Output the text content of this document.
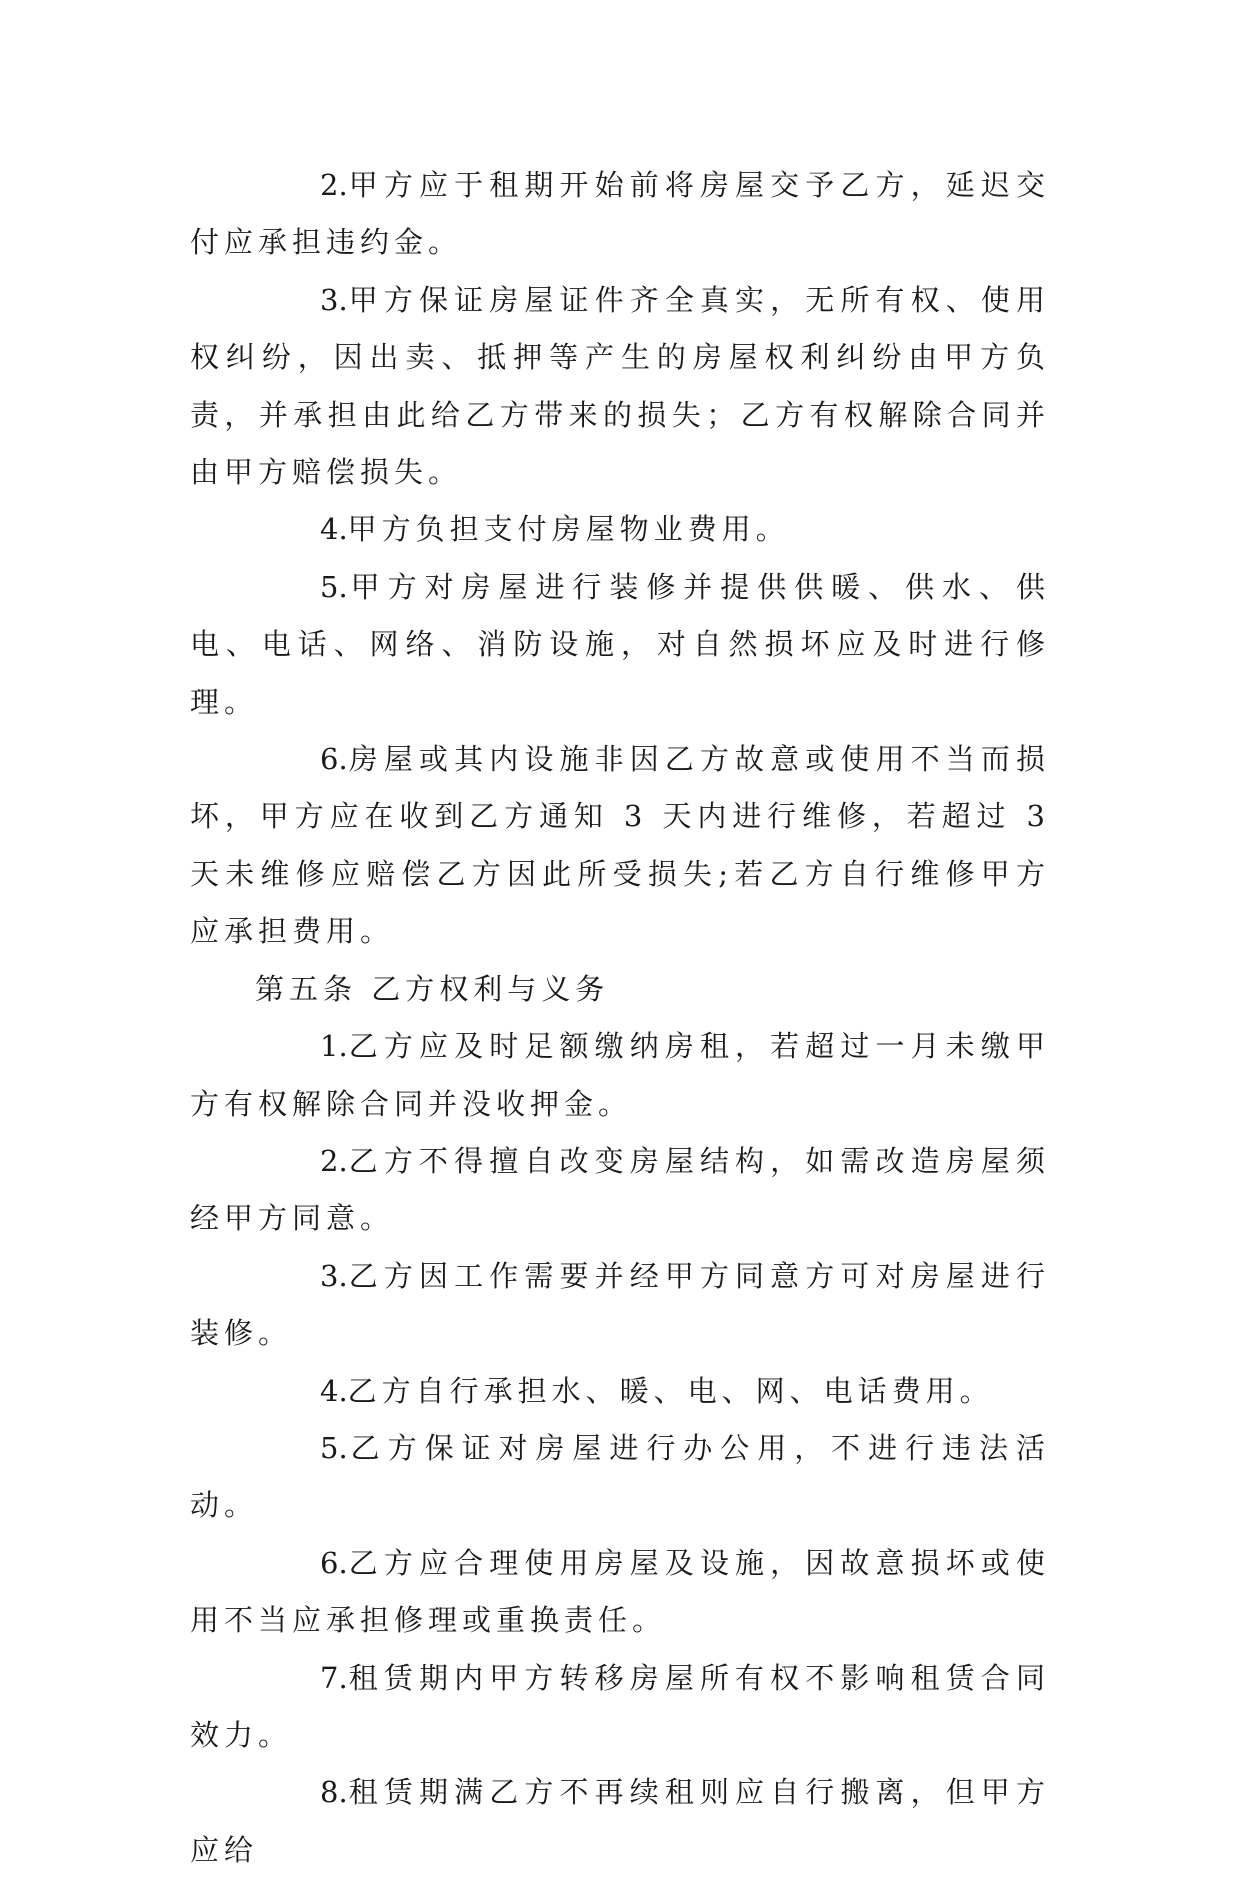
2.甲方应于租期开始前将房屋交予乙方，延迟交付应承担违约金。

3.甲方保证房屋证件齐全真实，无所有权、使用权纠纷，因出卖、抵押等产生的房屋权利纠纷由甲方负责，并承担由此给乙方带来的损失；乙方有权解除合同并由甲方赔偿损失。

4.甲方负担支付房屋物业费用。

5.甲方对房屋进行装修并提供供暖、供水、供电、电话、网络、消防设施，对自然损坏应及时进行修理。

6.房屋或其内设施非因乙方故意或使用不当而损坏，甲方应在收到乙方通知 3 天内进行维修，若超过 3 天未维修应赔偿乙方因此所受损失;若乙方自行维修甲方应承担费用。

第五条 乙方权利与义务

1.乙方应及时足额缴纳房租，若超过一月未缴甲方有权解除合同并没收押金。

2.乙方不得擅自改变房屋结构，如需改造房屋须经甲方同意。

3.乙方因工作需要并经甲方同意方可对房屋进行装修。

4.乙方自行承担水、暖、电、网、电话费用。

5.乙方保证对房屋进行办公用，不进行违法活动。

6.乙方应合理使用房屋及设施，因故意损坏或使用不当应承担修理或重换责任。

7.租赁期内甲方转移房屋所有权不影响租赁合同效力。

8.租赁期满乙方不再续租则应自行搬离，但甲方应给
